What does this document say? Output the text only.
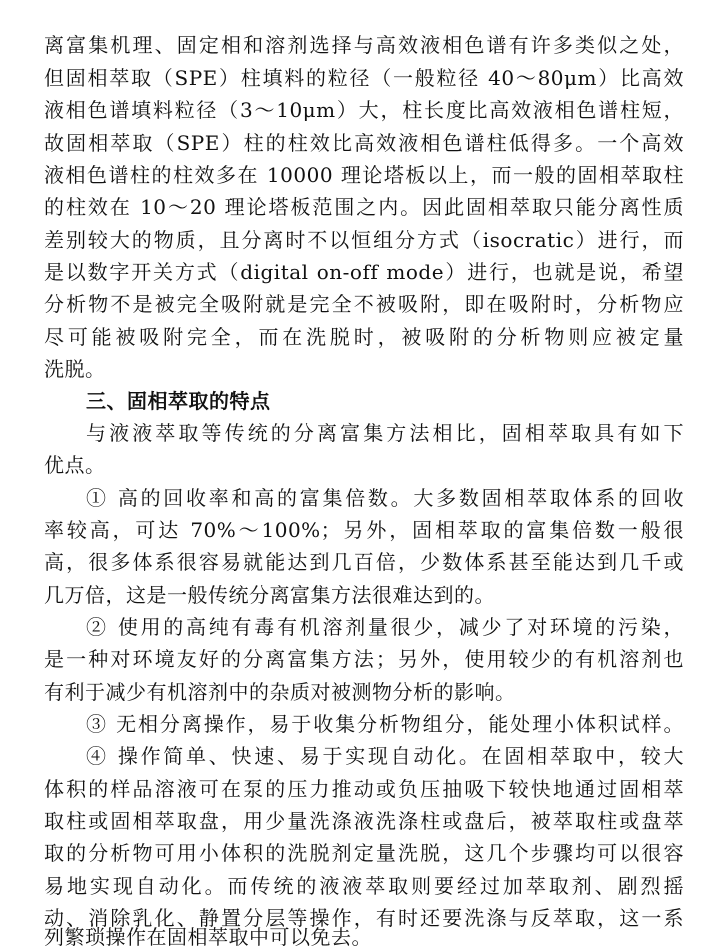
离富集机理、固定相和溶剂选择与高效液相色谱有许多类似之处，
但固相萃取（SPE）柱填料的粒径（一般粒径 40～80μm）比高效
液相色谱填料粒径（3～10μm）大，柱长度比高效液相色谱柱短，
故固相萃取（SPE）柱的柱效比高效液相色谱柱低得多。一个高效
液相色谱柱的柱效多在 10000 理论塔板以上，而一般的固相萃取柱
的柱效在 10～20 理论塔板范围之内。因此固相萃取只能分离性质
差别较大的物质，且分离时不以恒组分方式（isocratic）进行，而
是以数字开关方式（digital on-off mode）进行，也就是说，希望
分析物不是被完全吸附就是完全不被吸附，即在吸附时，分析物应
尽可能被吸附完全，而在洗脱时，被吸附的分析物则应被定量
洗脱。
三、固相萃取的特点
与液液萃取等传统的分离富集方法相比，固相萃取具有如下
优点。
① 高的回收率和高的富集倍数。大多数固相萃取体系的回收
率较高，可达 70%～100%；另外，固相萃取的富集倍数一般很
高，很多体系很容易就能达到几百倍，少数体系甚至能达到几千或
几万倍，这是一般传统分离富集方法很难达到的。
② 使用的高纯有毒有机溶剂量很少，减少了对环境的污染，
是一种对环境友好的分离富集方法；另外，使用较少的有机溶剂也
有利于减少有机溶剂中的杂质对被测物分析的影响。
③ 无相分离操作，易于收集分析物组分，能处理小体积试样。
④ 操作简单、快速、易于实现自动化。在固相萃取中，较大
体积的样品溶液可在泵的压力推动或负压抽吸下较快地通过固相萃
取柱或固相萃取盘，用少量洗涤液洗涤柱或盘后，被萃取柱或盘萃
取的分析物可用小体积的洗脱剂定量洗脱，这几个步骤均可以很容
易地实现自动化。而传统的液液萃取则要经过加萃取剂、剧烈摇
动、消除乳化、静置分层等操作，有时还要洗涤与反萃取，这一系
列繁琐操作在固相萃取中可以免去。
